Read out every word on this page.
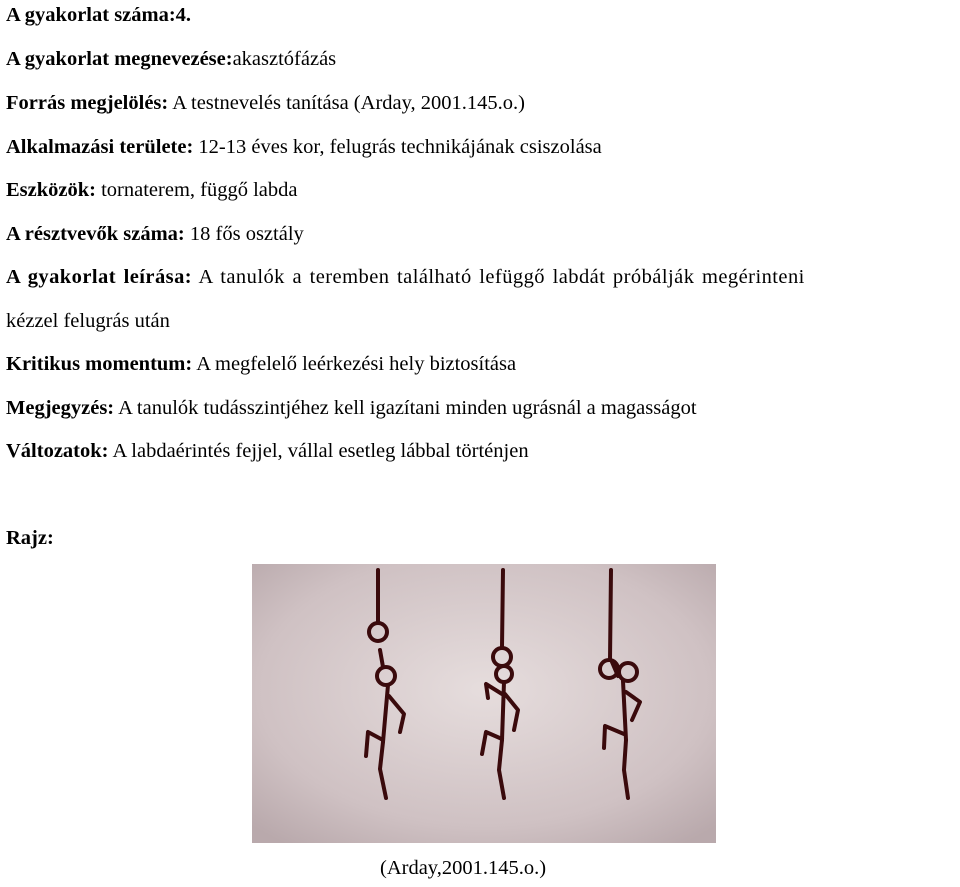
A gyakorlat száma:4.
A gyakorlat megnevezése:akasztófázás
Forrás megjelölés: A testnevelés tanítása (Arday, 2001.145.o.)
Alkalmazási területe: 12-13 éves kor, felugrás technikájának csiszolása
Eszközök: tornaterem, függő labda
A résztvevők száma: 18 fős osztály
A gyakorlat leírása: A tanulók a teremben található lefüggő labdát próbálják megérinteni
kézzel felugrás után
Kritikus momentum: A megfelelő leérkezési hely biztosítása
Megjegyzés: A tanulók tudásszintjéhez kell igazítani minden ugrásnál a magasságot
Változatok: A labdaérintés fejjel, vállal esetleg lábbal történjen
Rajz:
(Arday,2001.145.o.)
